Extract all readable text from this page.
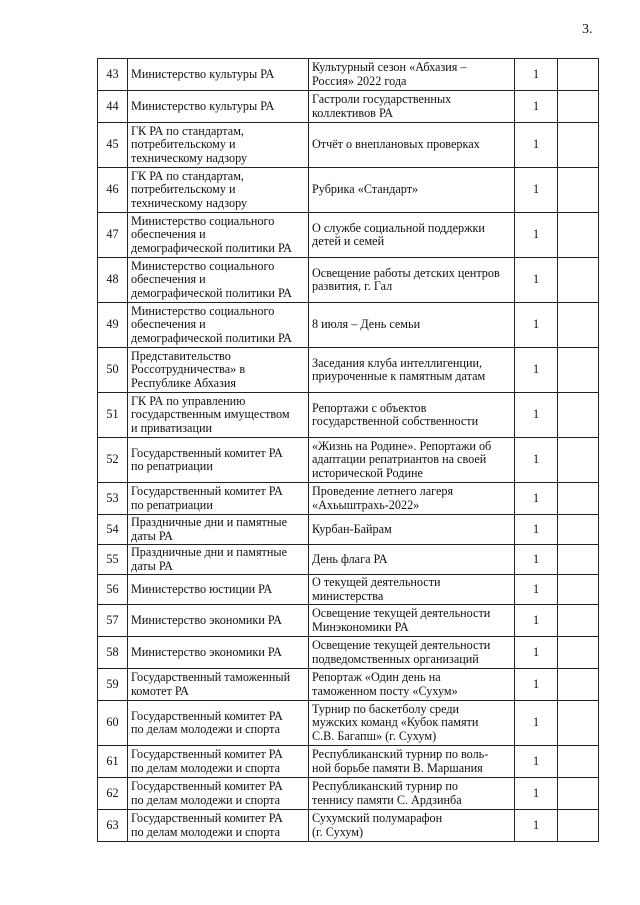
3.
43	Министерство культуры РА	Культурный сезон «Абхазия –
Россия» 2022 года	1	
44	Министерство культуры РА	Гастроли государственных
коллективов РА	1	
45	ГК РА по стандартам,
потребительскому и
техническому надзору	Отчёт о внеплановых проверках	1	
46	ГК РА по стандартам,
потребительскому и
техническому надзору	Рубрика «Стандарт»	1	
47	Министерство социального
обеспечения и
демографической политики РА	О службе социальной поддержки
детей и семей	1	
48	Министерство социального
обеспечения и
демографической политики РА	Освещение работы детских центров
развития, г. Гал	1	
49	Министерство социального
обеспечения и
демографической политики РА	8 июля – День семьи	1	
50	Представительство
Россотрудничества» в
Республике Абхазия	Заседания клуба интеллигенции,
приуроченные к памятным датам	1	
51	ГК РА по управлению
государственным имуществом
и приватизации	Репортажи с объектов
государственной собственности	1	
52	Государственный комитет РА
по репатриации	«Жизнь на Родине». Репортажи об
адаптации репатриантов на своей
исторической Родине	1	
53	Государственный комитет РА
по репатриации	Проведение летнего лагеря
«Ахьыштрахь-2022»	1	
54	Праздничные дни и памятные
даты РА	Курбан-Байрам	1	
55	Праздничные дни и памятные
даты РА	День флага РА	1	
56	Министерство юстиции РА	О текущей деятельности
министерства	1	
57	Министерство экономики РА	Освещение текущей деятельности
Минэкономики РА	1	
58	Министерство экономики РА	Освещение текущей деятельности
подведомственных организаций	1	
59	Государственный таможенный
комотет РА	Репортаж «Один день на
таможенном посту «Сухум»	1	
60	Государственный комитет РА
по делам молодежи и спорта	Турнир по баскетболу среди
мужских команд «Кубок памяти
С.В. Багапш» (г. Сухум)	1	
61	Государственный комитет РА
по делам молодежи и спорта	Республиканский турнир по воль-
ной борьбе памяти В. Маршания	1	
62	Государственный комитет РА
по делам молодежи и спорта	Республиканский турнир по
теннису памяти С. Ардзинба	1	
63	Государственный комитет РА
по делам молодежи и спорта	Сухумский полумарафон
(г. Сухум)	1	
